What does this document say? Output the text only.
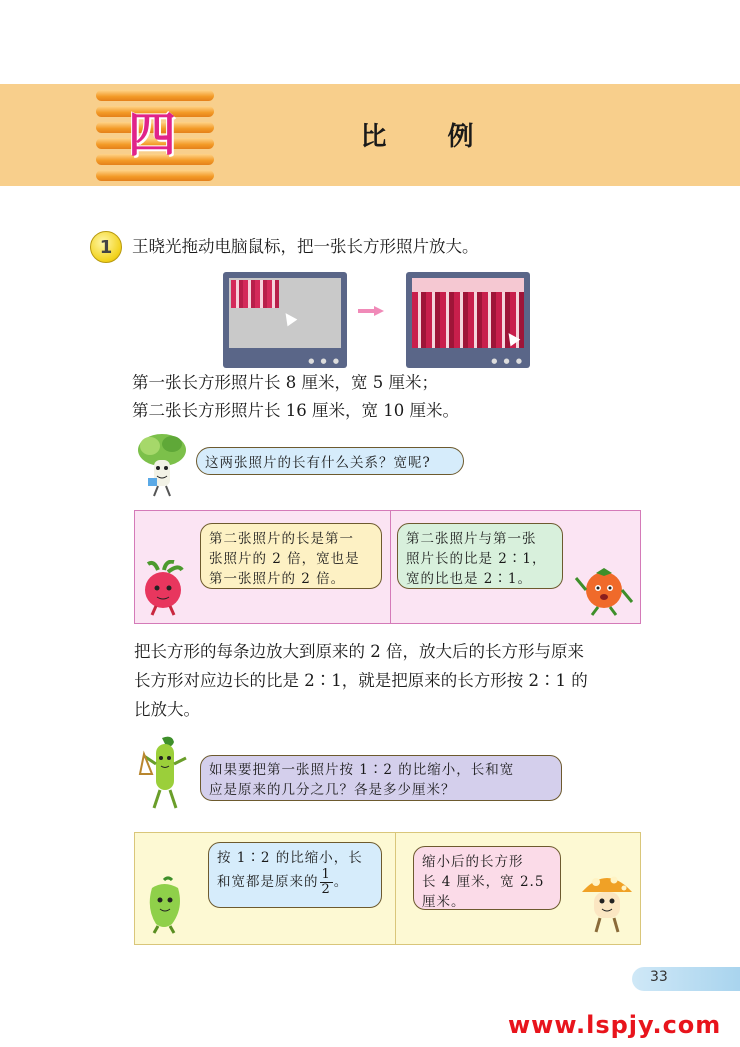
四	比 例
1	王晓光拖动电脑鼠标，把一张长方形照片放大。
● ● ●	● ● ●
第一张长方形照片长 8 厘米，宽 5 厘米；
第二张长方形照片长 16 厘米，宽 10 厘米。
这两张照片的长有什么关系？宽呢?
第二张照片的长是第一
张照片的 2 倍，宽也是
第一张照片的 2 倍。
第二张照片与第一张
照片长的比是 2∶1，
宽的比也是 2∶1。
把长方形的每条边放大到原来的 2 倍，放大后的长方形与原来
长方形对应边长的比是 2∶1，就是把原来的长方形按 2∶1 的
比放大。
如果要把第一张照片按 1∶2 的比缩小，长和宽
应是原来的几分之几？各是多少厘米？
按 1∶2 的比缩小，长
和宽都是原来的 $\frac{1}{2}$ 。
缩小后的长方形
长 4 厘米，宽 2.5
厘米。
33
www.lspjy.com
